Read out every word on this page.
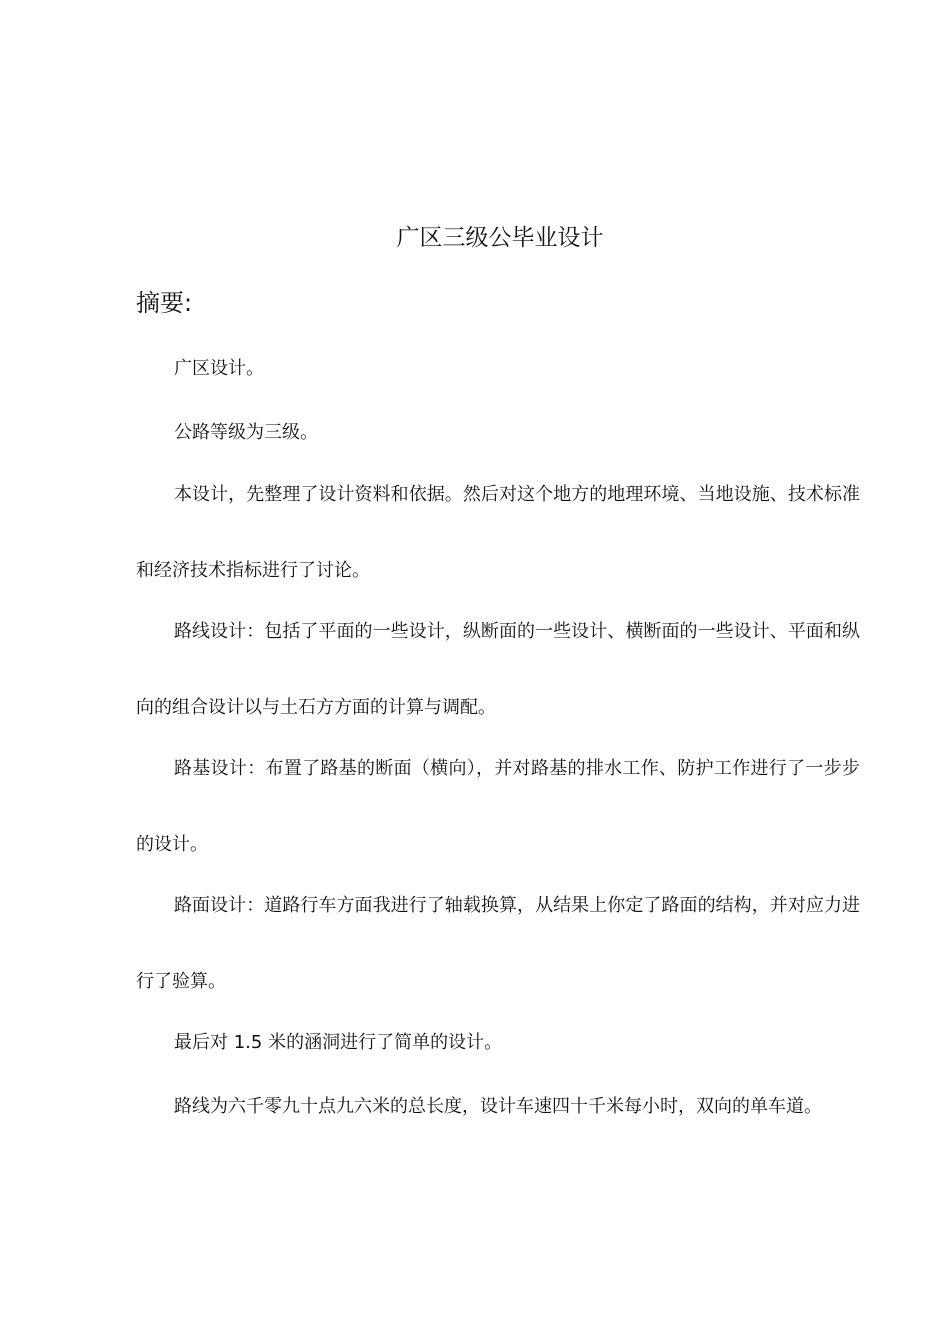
广区三级公毕业设计
摘要:

广区设计。

公路等级为三级。

本设计，先整理了设计资料和依据。然后对这个地方的地理环境、当地设施、技术标准和经济技术指标进行了讨论。

路线设计：包括了平面的一些设计，纵断面的一些设计、横断面的一些设计、平面和纵向的组合设计以与土石方方面的计算与调配。

路基设计：布置了路基的断面（横向），并对路基的排水工作、防护工作进行了一步步的设计。

路面设计：道路行车方面我进行了轴载换算，从结果上你定了路面的结构，并对应力进行了验算。

最后对 1.5 米的涵洞进行了简单的设计。

路线为六千零九十点九六米的总长度，设计车速四十千米每小时，双向的单车道。
